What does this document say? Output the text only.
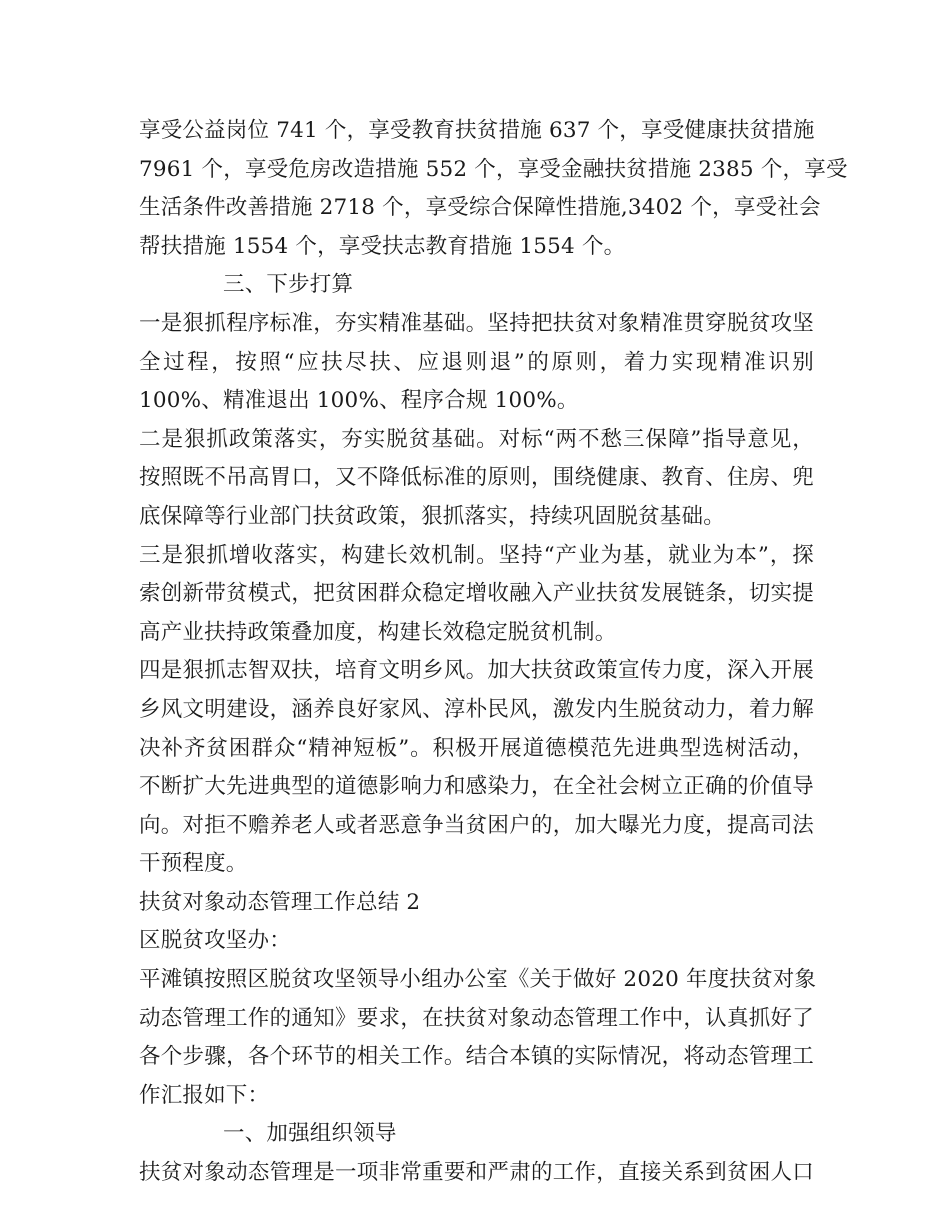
享受公益岗位 741 个，享受教育扶贫措施 637 个，享受健康扶贫措施
7961 个，享受危房改造措施 552 个，享受金融扶贫措施 2385 个，享受
生活条件改善措施 2718 个，享受综合保障性措施,3402 个，享受社会
帮扶措施 1554 个，享受扶志教育措施 1554 个。
三、下步打算
一是狠抓程序标准，夯实精准基础。坚持把扶贫对象精准贯穿脱贫攻坚
全过程，按照“应扶尽扶、应退则退”的原则，着力实现精准识别
100%、精准退出 100%、程序合规 100%。
二是狠抓政策落实，夯实脱贫基础。对标“两不愁三保障”指导意见，
按照既不吊高胃口，又不降低标准的原则，围绕健康、教育、住房、兜
底保障等行业部门扶贫政策，狠抓落实，持续巩固脱贫基础。
三是狠抓增收落实，构建长效机制。坚持“产业为基，就业为本”，探
索创新带贫模式，把贫困群众稳定增收融入产业扶贫发展链条，切实提
高产业扶持政策叠加度，构建长效稳定脱贫机制。
四是狠抓志智双扶，培育文明乡风。加大扶贫政策宣传力度，深入开展
乡风文明建设，涵养良好家风、淳朴民风，激发内生脱贫动力，着力解
决补齐贫困群众“精神短板”。积极开展道德模范先进典型选树活动，
不断扩大先进典型的道德影响力和感染力，在全社会树立正确的价值导
向。对拒不赡养老人或者恶意争当贫困户的，加大曝光力度，提高司法
干预程度。
扶贫对象动态管理工作总结 2
区脱贫攻坚办：
平滩镇按照区脱贫攻坚领导小组办公室《关于做好 2020 年度扶贫对象
动态管理工作的通知》要求，在扶贫对象动态管理工作中，认真抓好了
各个步骤，各个环节的相关工作。结合本镇的实际情况，将动态管理工
作汇报如下：
一、加强组织领导
扶贫对象动态管理是一项非常重要和严肃的工作，直接关系到贫困人口
